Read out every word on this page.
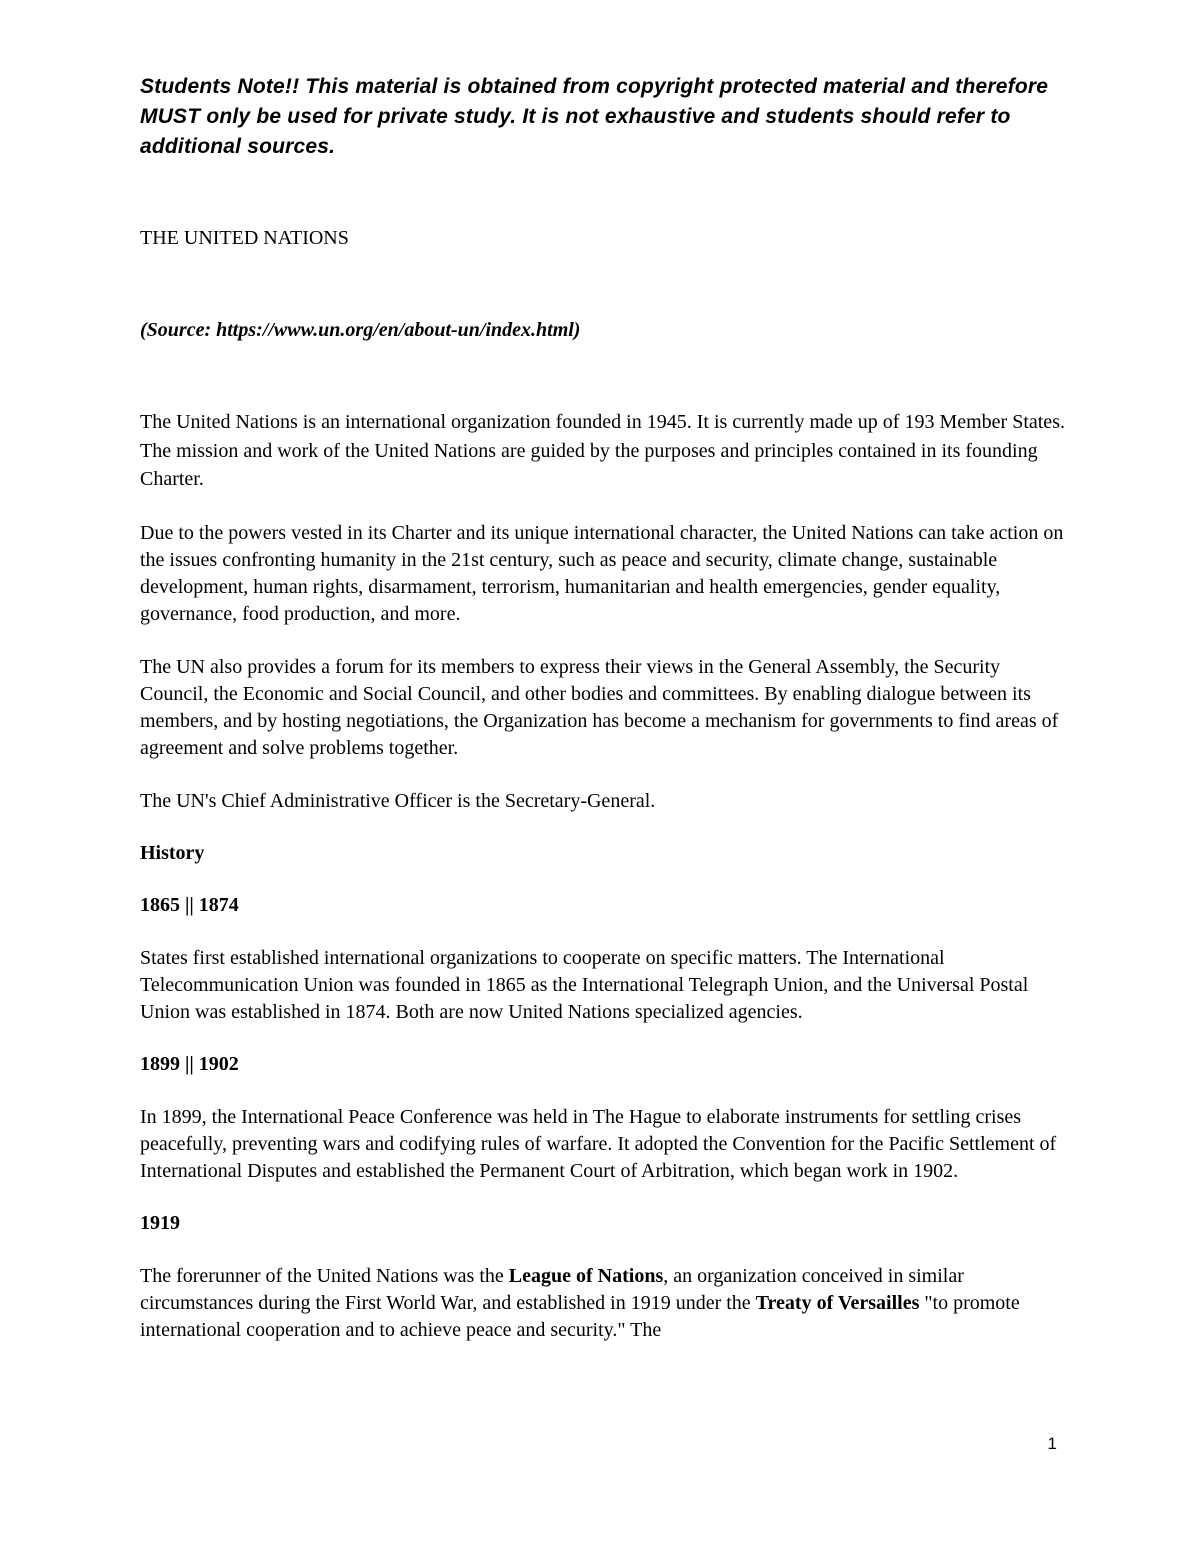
Students Note!! This material is obtained from copyright protected material and therefore MUST only be used for private study. It is not exhaustive and students should refer to additional sources.

THE UNITED NATIONS

(Source: https://www.un.org/en/about-un/index.html)

The United Nations is an international organization founded in 1945. It is currently made up of 193 Member States. The mission and work of the United Nations are guided by the purposes and principles contained in its founding Charter.

Due to the powers vested in its Charter and its unique international character, the United Nations can take action on the issues confronting humanity in the 21st century, such as peace and security, climate change, sustainable development, human rights, disarmament, terrorism, humanitarian and health emergencies, gender equality, governance, food production, and more.

The UN also provides a forum for its members to express their views in the General Assembly, the Security Council, the Economic and Social Council, and other bodies and committees. By enabling dialogue between its members, and by hosting negotiations, the Organization has become a mechanism for governments to find areas of agreement and solve problems together.

The UN's Chief Administrative Officer is the Secretary-General.

History

1865 || 1874

States first established international organizations to cooperate on specific matters. The International Telecommunication Union was founded in 1865 as the International Telegraph Union, and the Universal Postal Union was established in 1874. Both are now United Nations specialized agencies.

1899 || 1902

In 1899, the International Peace Conference was held in The Hague to elaborate instruments for settling crises peacefully, preventing wars and codifying rules of warfare. It adopted the Convention for the Pacific Settlement of International Disputes and established the Permanent Court of Arbitration, which began work in 1902.

1919

The forerunner of the United Nations was the League of Nations, an organization conceived in similar circumstances during the First World War, and established in 1919 under the Treaty of Versailles "to promote international cooperation and to achieve peace and security." The

1
